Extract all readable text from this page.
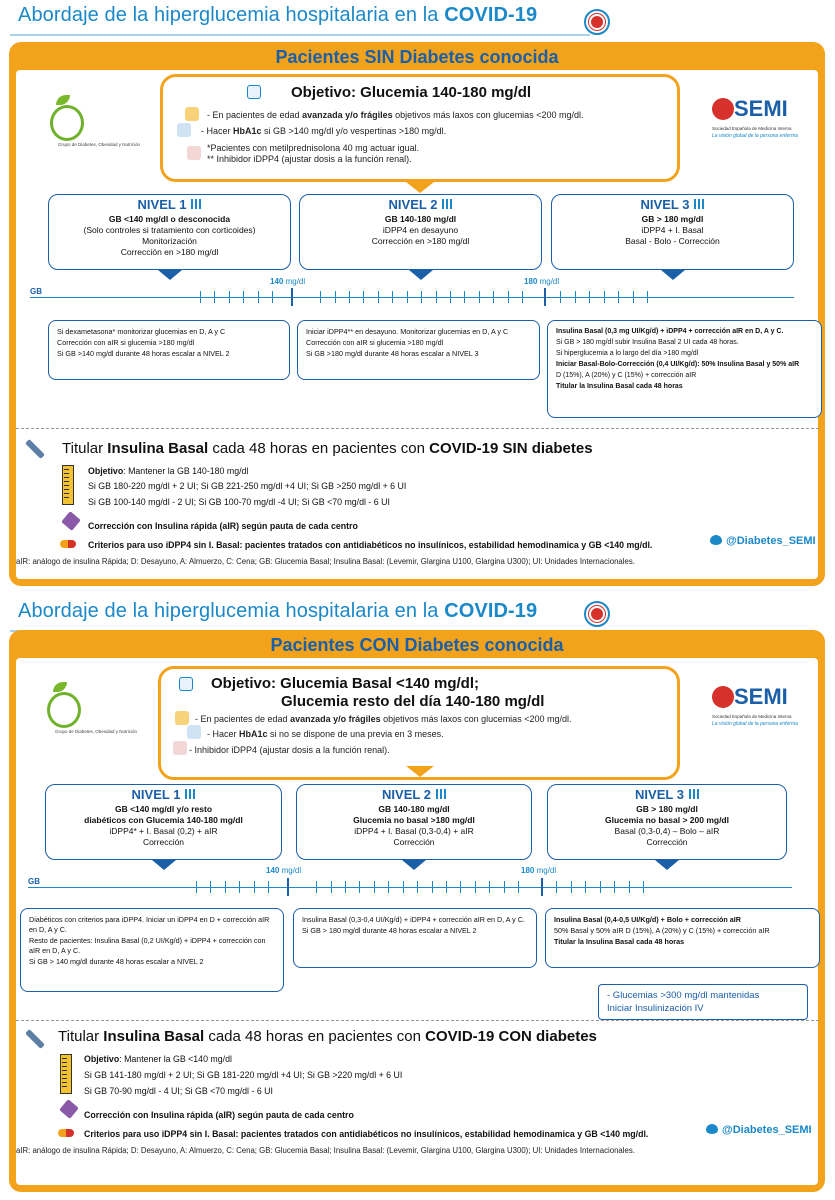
Abordaje de la hiperglucemia hospitalaria en la COVID-19
Pacientes SIN Diabetes conocida
Grupo de Diabetes, Obesidad y Nutrición
SEMI
Sociedad Española de Medicina Interna
La visión global de la persona enferma
Objetivo: Glucemia 140-180 mg/dl
- En pacientes de edad avanzada y/o frágiles objetivos más laxos con glucemias <200 mg/dl.
- Hacer HbA1c si GB >140 mg/dl y/o vespertinas >180 mg/dl.
*Pacientes con metilprednisolona 40 mg actuar igual.
** Inhibidor iDPP4 (ajustar dosis a la función renal).
NIVEL 1
GB <140 mg/dl o desconocida
(Solo controles si tratamiento con corticoides)
Monitorización
Corrección en >180 mg/dl
NIVEL 2
GB 140-180 mg/dl
iDPP4 en desayuno
Corrección en >180 mg/dl
NIVEL 3
GB > 180 mg/dl
iDPP4 + I. Basal
Basal - Bolo - Corrección
GB
140 mg/dl	180 mg/dl

Si dexametasona* monitorizar glucemias en D, A y C

Corrección con aIR si glucemia >180 mg/dl

Si GB >140 mg/dl durante 48 horas escalar a NIVEL 2

Iniciar iDPP4** en desayuno. Monitorizar glucemias en D, A y C

Corrección con aIR si glucemia >180 mg/dl

Si GB >180 mg/dl durante 48 horas escalar a NIVEL 3

Insulina Basal (0,3 mg UI/Kg/d) + iDPP4 + corrección aIR en D, A y C.

Si GB > 180 mg/dl subir Insulina Basal 2 UI cada 48 horas.

Si hiperglucemia a lo largo del día >180 mg/dl

Iniciar Basal-Bolo-Corrección (0,4 UI/Kg/d): 50% Insulina Basal y 50% aIR

D (15%), A (20%) y C (15%) + corrección aIR

Titular la Insulina Basal cada 48 horas

Titular Insulina Basal cada 48 horas en pacientes con COVID-19 SIN diabetes
Objetivo: Mantener la GB 140-180 mg/dl
Si GB 180-220 mg/dl + 2 UI; Si GB 221-250 mg/dl +4 UI; Si GB >250 mg/dl + 6 UI
Si GB 100-140 mg/dl - 2 UI; Si GB 100-70 mg/dl -4 UI; Si GB <70 mg/dl - 6 UI
Corrección con Insulina rápida (aIR) según pauta de cada centro
Criterios para uso iDPP4 sin I. Basal: pacientes tratados con antidiabéticos no insulínicos, estabilidad hemodinamica y GB <140 mg/dl.	@Diabetes_SEMI
aIR: análogo de insulina Rápida; D: Desayuno, A: Almuerzo, C: Cena; GB: Glucemia Basal; Insulina Basal: (Levemir, Glargina U100, Glargina U300); UI: Unidades Internacionales.
Abordaje de la hiperglucemia hospitalaria en la COVID-19
Pacientes CON Diabetes conocida
Grupo de Diabetes, Obesidad y Nutrición
SEMI
Sociedad Española de Medicina Interna
La visión global de la persona enferma
Objetivo: Glucemia Basal <140 mg/dl;
Glucemia resto del día 140-180 mg/dl
- En pacientes de edad avanzada y/o frágiles objetivos más laxos con glucemias <200 mg/dl.
- Hacer HbA1c si no se dispone de una previa en 3 meses.
- Inhibidor iDPP4 (ajustar dosis a la función renal).
NIVEL 1
GB <140 mg/dl y/o resto
diabéticos con Glucemia 140-180 mg/dl
iDPP4* + I. Basal (0,2) + aIR
Corrección
NIVEL 2
GB 140-180 mg/dl
Glucemia no basal >180 mg/dl
iDPP4 + I. Basal (0,3-0,4) + aIR
Corrección
NIVEL 3
GB > 180 mg/dl
Glucemia no basal > 200 mg/dl
Basal (0,3-0,4) – Bolo – aIR
Corrección
GB
140 mg/dl	180 mg/dl

Diabéticos con criterios para iDPP4. Iniciar un iDPP4 en D + corrección aIR en D, A y C.

Resto de pacientes: Insulina Basal (0,2 UI/Kg/d) + iDPP4 + corrección con aIR en D, A y C.

Si GB > 140 mg/dl durante 48 horas escalar a NIVEL 2

Insulina Basal (0,3-0,4 UI/Kg/d) + iDPP4 + corrección aIR en D, A y C.

Si GB > 180 mg/dl durante 48 horas escalar a NIVEL 2

Insulina Basal (0,4-0,5 UI/Kg/d) + Bolo + corrección aIR

50% Basal y 50% aIR D (15%), A (20%) y C (15%) + corrección aIR

Titular la Insulina Basal cada 48 horas

- Glucemias >300 mg/dl mantenidas
Iniciar Insulinización IV
Titular Insulina Basal cada 48 horas en pacientes con COVID-19 CON diabetes
Objetivo: Mantener la GB <140 mg/dl
Si GB 141-180 mg/dl + 2 UI; Si GB 181-220 mg/dl +4 UI; Si GB >220 mg/dl + 6 UI
Si GB 70-90 mg/dl - 4 UI; Si GB <70 mg/dl - 6 UI
Corrección con Insulina rápida (aIR) según pauta de cada centro
Criterios para uso iDPP4 sin I. Basal: pacientes tratados con antidiabéticos no insulínicos, estabilidad hemodinamica y GB <140 mg/dl.	@Diabetes_SEMI
aIR: análogo de insulina Rápida; D: Desayuno, A: Almuerzo, C: Cena; GB: Glucemia Basal; Insulina Basal: (Levemir, Glargina U100, Glargina U300); UI: Unidades Internacionales.
